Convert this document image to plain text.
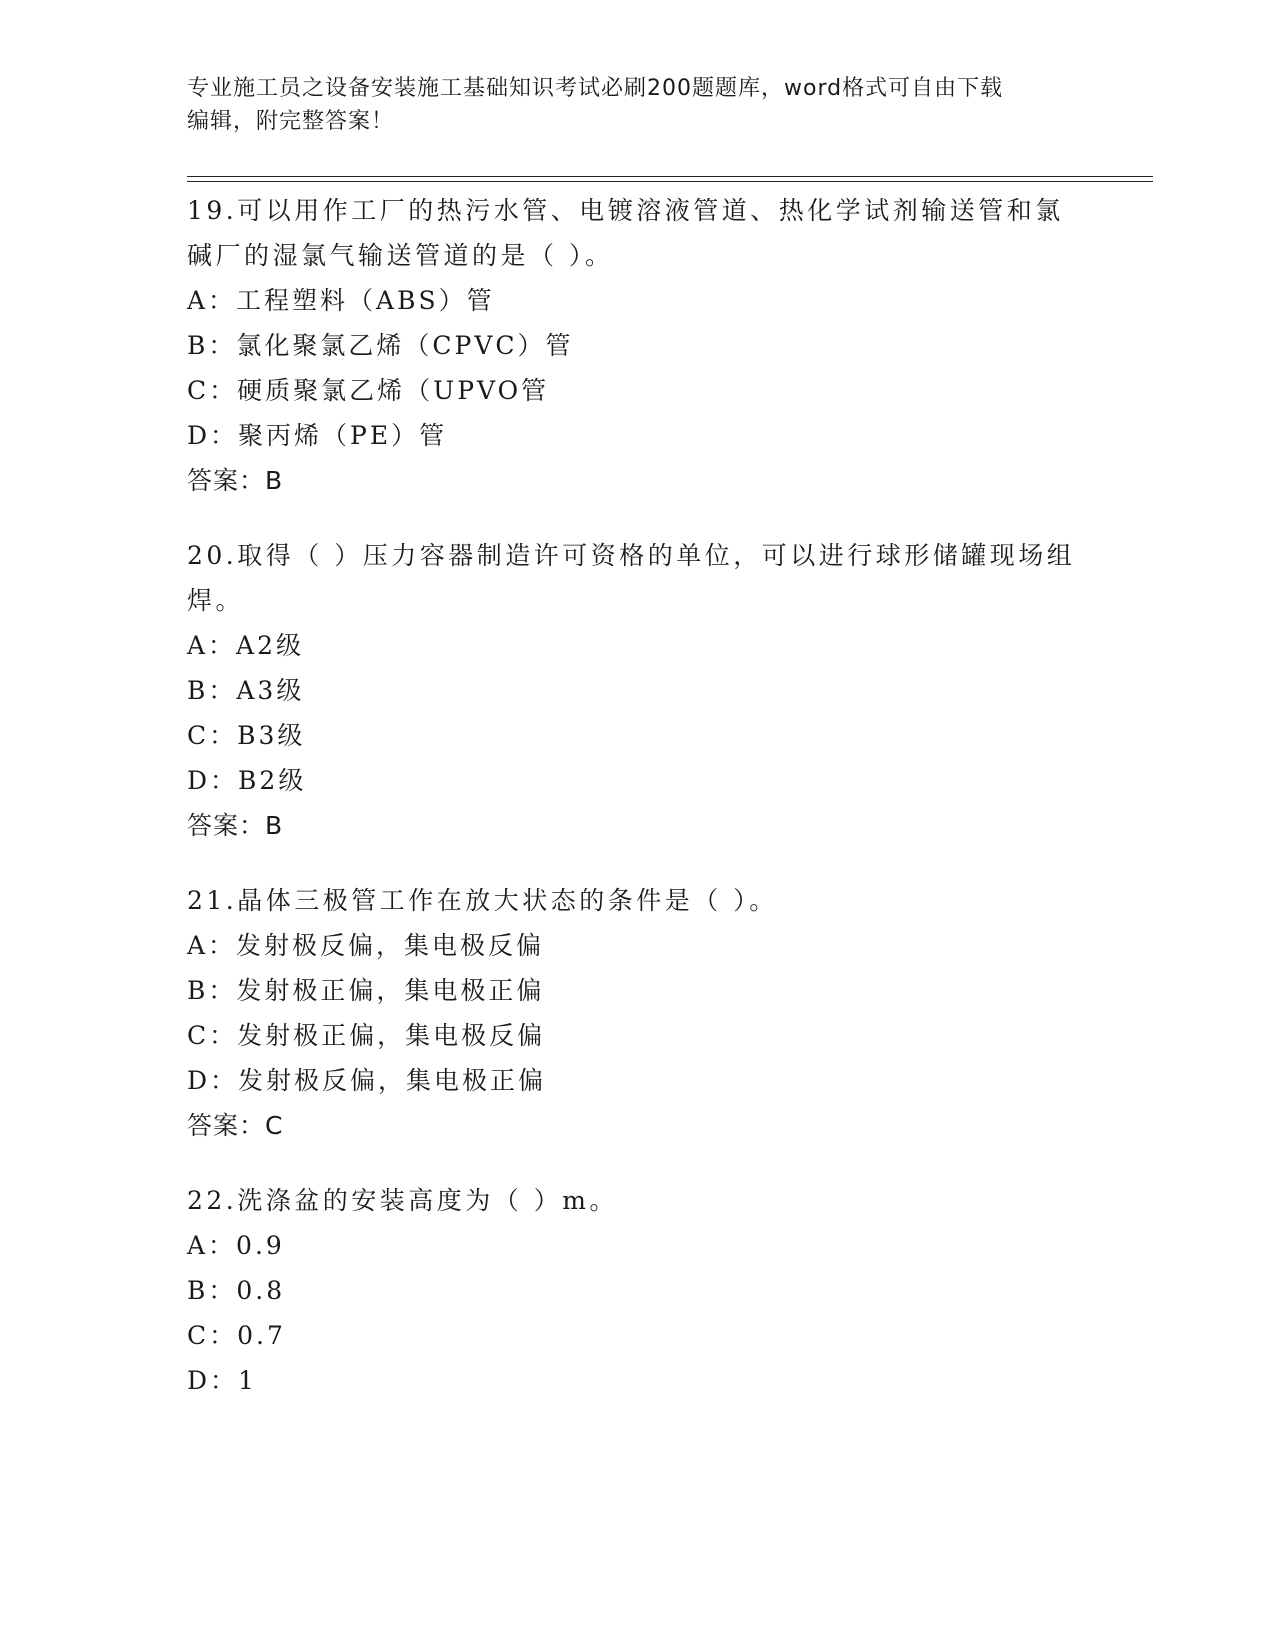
专业施工员之设备安装施工基础知识考试必刷200题题库，word格式可自由下载
编辑，附完整答案！

19.可以用作工厂的热污水管、电镀溶液管道、热化学试剂输送管和氯碱厂的湿氯气输送管道的是（ ）。

A：工程塑料（ABS）管

B：氯化聚氯乙烯（CPVC）管

C：硬质聚氯乙烯（UPVO管

D：聚丙烯（PE）管

答案：B

20.取得（ ）压力容器制造许可资格的单位，可以进行球形储罐现场组焊。

A：A2级

B：A3级

C：B3级

D：B2级

答案：B

21.晶体三极管工作在放大状态的条件是（ ）。

A：发射极反偏，集电极反偏

B：发射极正偏，集电极正偏

C：发射极正偏，集电极反偏

D：发射极反偏，集电极正偏

答案：C

22.洗涤盆的安装高度为（ ）m。

A：0.9

B：0.8

C：0.7

D：1
